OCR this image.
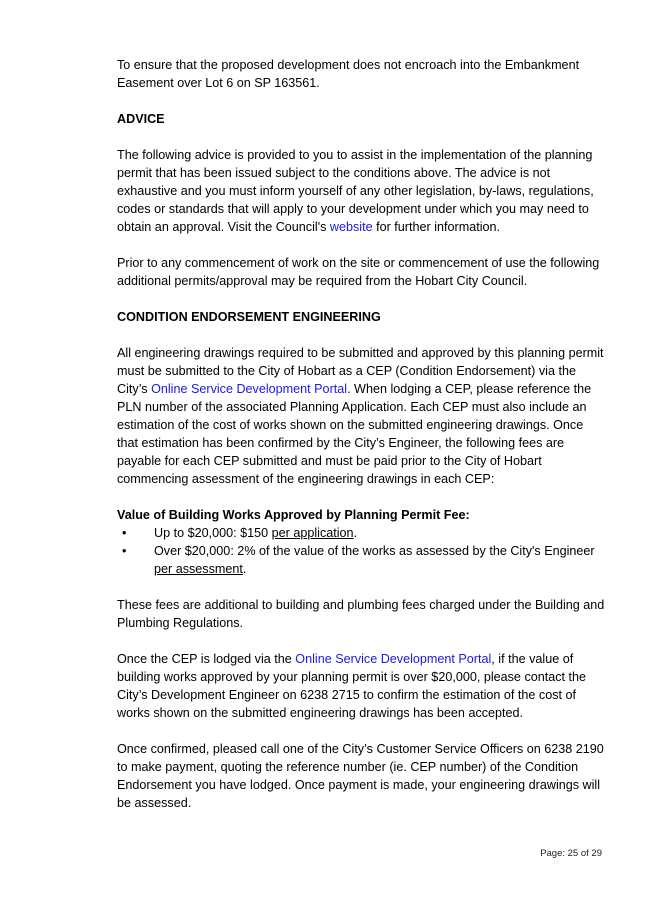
To ensure that the proposed development does not encroach into the Embankment Easement over Lot 6 on SP 163561.

ADVICE

The following advice is provided to you to assist in the implementation of the planning permit that has been issued subject to the conditions above. The advice is not exhaustive and you must inform yourself of any other legislation, by-laws, regulations, codes or standards that will apply to your development under which you may need to obtain an approval. Visit the Council's website for further information.

Prior to any commencement of work on the site or commencement of use the following additional permits/approval may be required from the Hobart City Council.

CONDITION ENDORSEMENT ENGINEERING

All engineering drawings required to be submitted and approved by this planning permit must be submitted to the City of Hobart as a CEP (Condition Endorsement) via the City’s Online Service Development Portal. When lodging a CEP, please reference the PLN number of the associated Planning Application. Each CEP must also include an estimation of the cost of works shown on the submitted engineering drawings. Once that estimation has been confirmed by the City’s Engineer, the following fees are payable for each CEP submitted and must be paid prior to the City of Hobart commencing assessment of the engineering drawings in each CEP:

Value of Building Works Approved by Planning Permit Fee:
• Up to $20,000: $150 per application.
• Over $20,000: 2% of the value of the works as assessed by the City's Engineer per assessment.

These fees are additional to building and plumbing fees charged under the Building and Plumbing Regulations.

Once the CEP is lodged via the Online Service Development Portal, if the value of building works approved by your planning permit is over $20,000, please contact the City’s Development Engineer on 6238 2715 to confirm the estimation of the cost of works shown on the submitted engineering drawings has been accepted.

Once confirmed, pleased call one of the City’s Customer Service Officers on 6238 2190 to make payment, quoting the reference number (ie. CEP number) of the Condition Endorsement you have lodged. Once payment is made, your engineering drawings will be assessed.

Page: 25 of 29
